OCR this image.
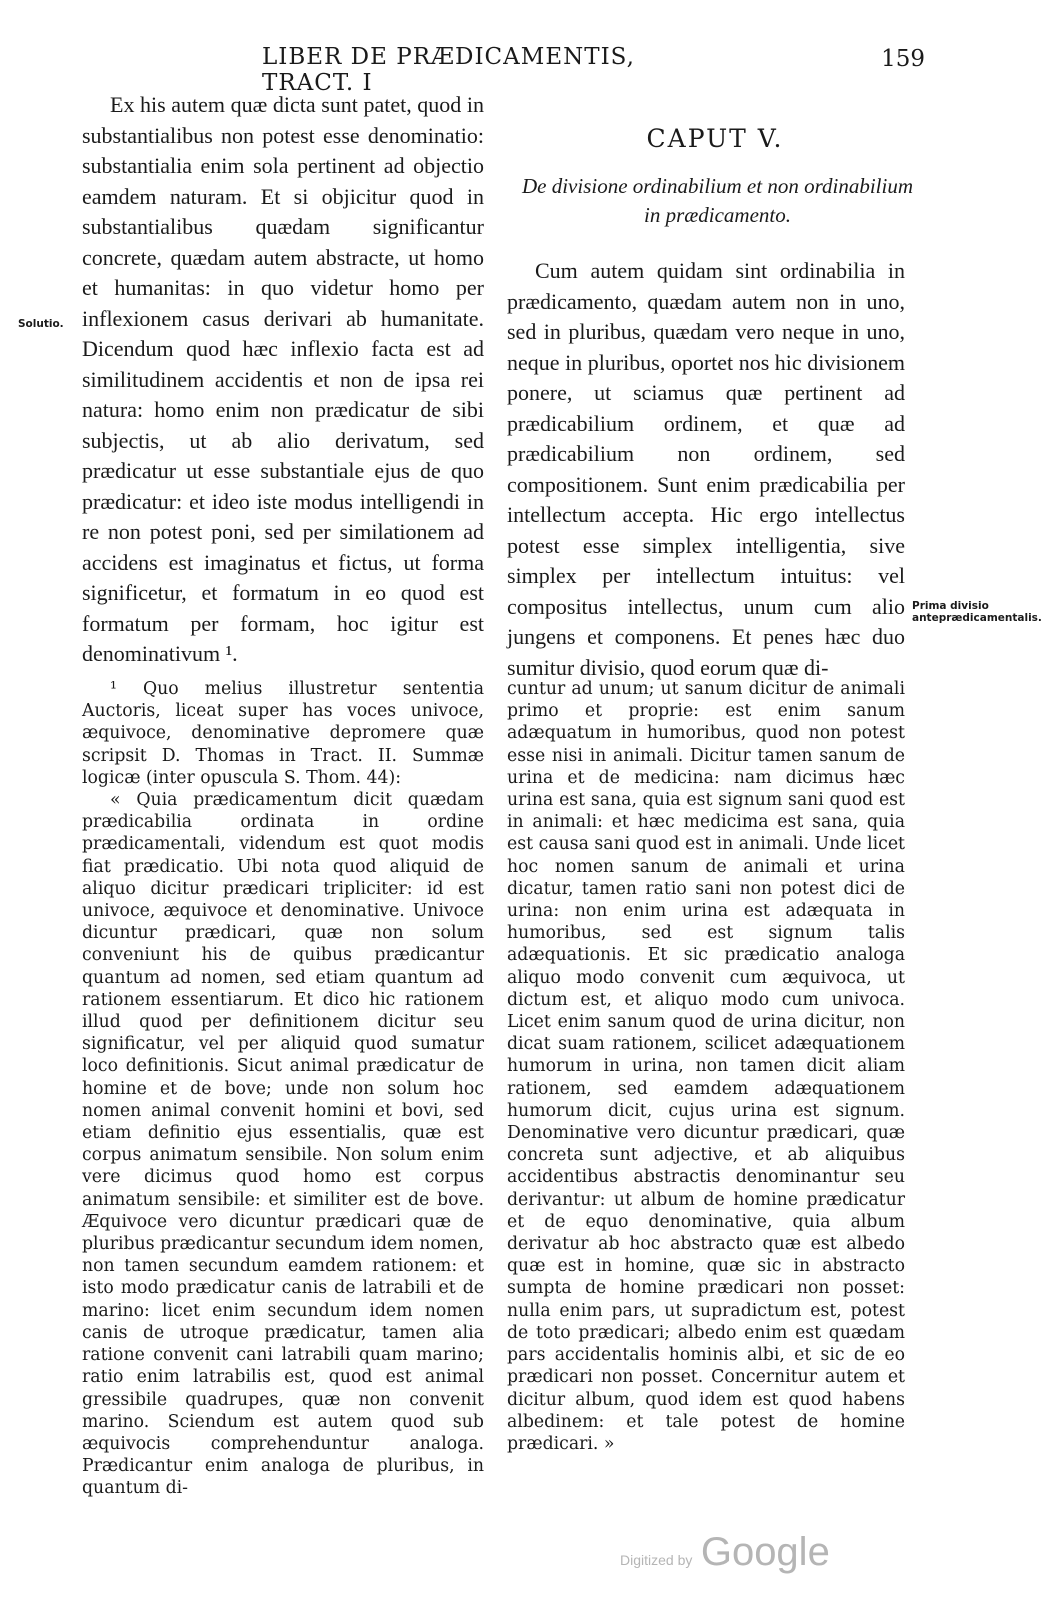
LIBER DE PRÆDICAMENTIS, TRACT. I
159
Solutio.

Ex his autem quæ dicta sunt patet, quod in substantialibus non potest esse denominatio: substantialia enim sola pertinent ad objectio eamdem naturam. Et si objicitur quod in substantialibus quædam significantur concrete, quædam autem abstracte, ut homo et humanitas: in quo videtur homo per inflexionem casus derivari ab humanitate. Dicendum quod hæc inflexio facta est ad similitudinem accidentis et non de ipsa rei natura: homo enim non prædicatur de sibi subjectis, ut ab alio derivatum, sed prædicatur ut esse substantiale ejus de quo prædicatur: et ideo iste modus intelligendi in re non potest poni, sed per similationem ad accidens est imaginatus et fictus, ut forma significetur, et formatum in eo quod est formatum per formam, hoc igitur est denominativum ¹.

¹ Quo melius illustretur sententia Auctoris, liceat super has voces univoce, æquivoce, denominative depromere quæ scripsit D. Thomas in Tract. II. Summæ logicæ (inter opuscula S. Thom. 44):

« Quia prædicamentum dicit quædam prædicabilia ordinata in ordine prædicamentali, videndum est quot modis fiat prædicatio. Ubi nota quod aliquid de aliquo dicitur prædicari tripliciter: id est univoce, æquivoce et denominative. Univoce dicuntur prædicari, quæ non solum conveniunt his de quibus prædicantur quantum ad nomen, sed etiam quantum ad rationem essentiarum. Et dico hic rationem illud quod per definitionem dicitur seu significatur, vel per aliquid quod sumatur loco definitionis. Sicut animal prædicatur de homine et de bove; unde non solum hoc nomen animal convenit homini et bovi, sed etiam definitio ejus essentialis, quæ est corpus animatum sensibile. Non solum enim vere dicimus quod homo est corpus animatum sensibile: et similiter est de bove. Æquivoce vero dicuntur prædicari quæ de pluribus prædicantur secundum idem nomen, non tamen secundum eamdem rationem: et isto modo prædicatur canis de latrabili et de marino: licet enim secundum idem nomen canis de utroque prædicatur, tamen alia ratione convenit cani latrabili quam marino; ratio enim latrabilis est, quod est animal gressibile quadrupes, quæ non convenit marino. Sciendum est autem quod sub æquivocis comprehenduntur analoga. Prædicantur enim analoga de pluribus, in quantum di-

CAPUT V.
De divisione ordinabilium et non ordinabilium in prædicamento.

Cum autem quidam sint ordinabilia in prædicamento, quædam autem non in uno, sed in pluribus, quædam vero neque in uno, neque in pluribus, oportet nos hic divisionem ponere, ut sciamus quæ pertinent ad prædicabilium ordinem, et quæ ad prædicabilium non ordinem, sed compositionem. Sunt enim prædicabilia per intellectum accepta. Hic ergo intellectus potest esse simplex intelligentia, sive simplex per intellectum intuitus: vel compositus intellectus, unum cum alio jungens et componens. Et penes hæc duo sumitur divisio, quod eorum quæ di-

Prima divisio anteprædicamentalis.

cuntur ad unum; ut sanum dicitur de animali primo et proprie: est enim sanum adæquatum in humoribus, quod non potest esse nisi in animali. Dicitur tamen sanum de urina et de medicina: nam dicimus hæc urina est sana, quia est signum sani quod est in animali: et hæc medicima est sana, quia est causa sani quod est in animali. Unde licet hoc nomen sanum de animali et urina dicatur, tamen ratio sani non potest dici de urina: non enim urina est adæquata in humoribus, sed est signum talis adæquationis. Et sic prædicatio analoga aliquo modo convenit cum æquivoca, ut dictum est, et aliquo modo cum univoca. Licet enim sanum quod de urina dicitur, non dicat suam rationem, scilicet adæquationem humorum in urina, non tamen dicit aliam rationem, sed eamdem adæquationem humorum dicit, cujus urina est signum. Denominative vero dicuntur prædicari, quæ concreta sunt adjective, et ab aliquibus accidentibus abstractis denominantur seu derivantur: ut album de homine prædicatur et de equo denominative, quia album derivatur ab hoc abstracto quæ est albedo quæ est in homine, quæ sic in abstracto sumpta de homine prædicari non posset: nulla enim pars, ut supradictum est, potest de toto prædicari; albedo enim est quædam pars accidentalis hominis albi, et sic de eo prædicari non posset. Concernitur autem et dicitur album, quod idem est quod habens albedinem: et tale potest de homine prædicari. »

Digitized by Google
